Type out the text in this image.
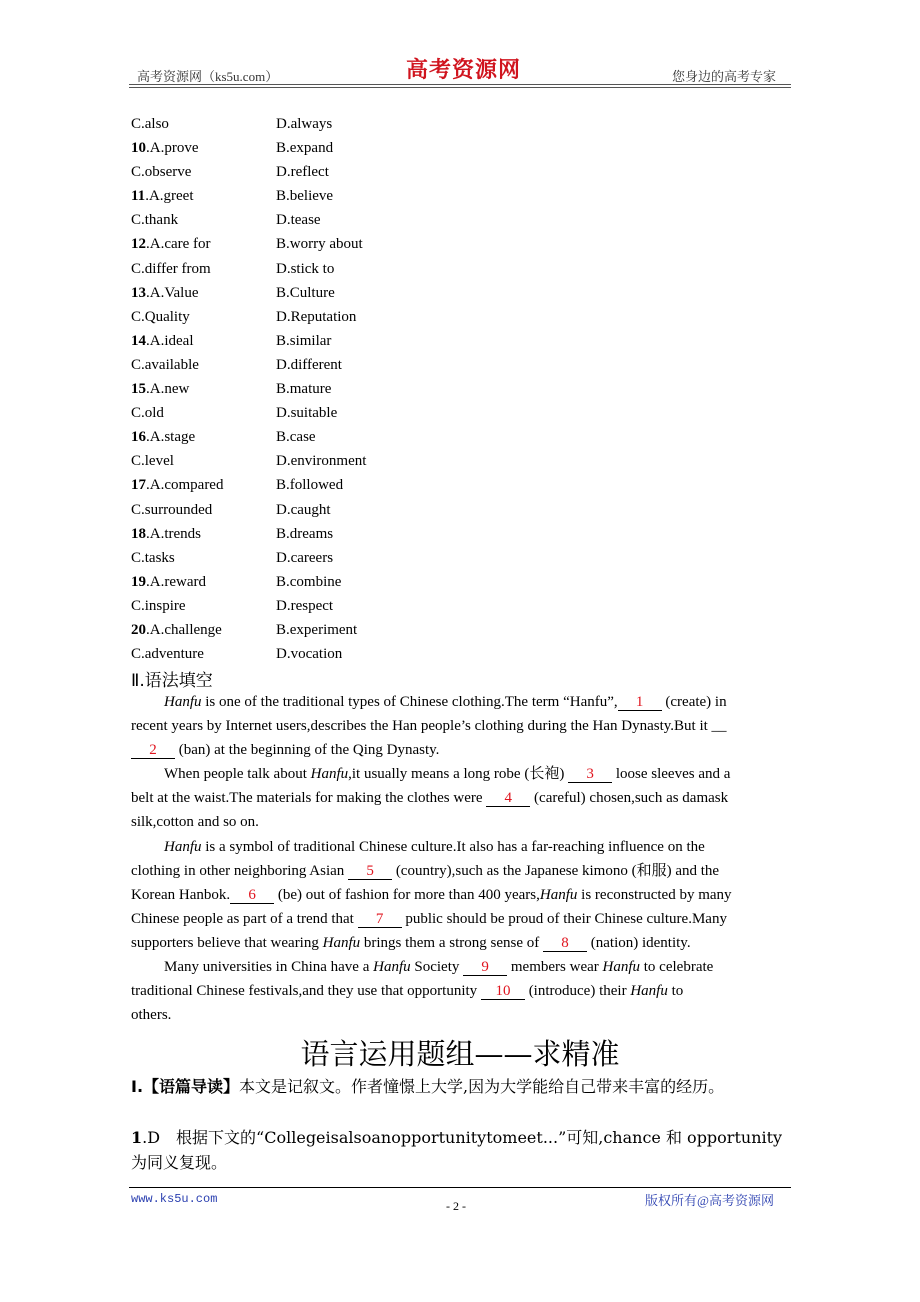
高考资源网（ks5u.com）	高考资源网	您身边的高考专家
C.also	D.always
10.A.prove	B.expand
C.observe	D.reflect
11.A.greet	B.believe
C.thank	D.tease
12.A.care for	B.worry about
C.differ from	D.stick to
13.A.Value	B.Culture
C.Quality	D.Reputation
14.A.ideal	B.similar
C.available	D.different
15.A.new	B.mature
C.old	D.suitable
16.A.stage	B.case
C.level	D.environment
17.A.compared	B.followed
C.surrounded	D.caught
18.A.trends	B.dreams
C.tasks	D.careers
19.A.reward	B.combine
C.inspire	D.respect
20.A.challenge	B.experiment
C.adventure	D.vocation
Ⅱ.语法填空
Hanfu is one of the traditional types of Chinese clothing.The term “Hanfu”, 1 (create) in
recent years by Internet users,describes the Han people’s clothing during the Han Dynasty.But it __
2 (ban) at the beginning of the Qing Dynasty.
When people talk about Hanfu,it usually means a long robe (长袍) 3 loose sleeves and a
belt at the waist.The materials for making the clothes were 4 (careful) chosen,such as damask
silk,cotton and so on.
Hanfu is a symbol of traditional Chinese culture.It also has a far-reaching influence on the
clothing in other neighboring Asian 5 (country),such as the Japanese kimono (和服) and the
Korean Hanbok. 6 (be) out of fashion for more than 400 years,Hanfu is reconstructed by many
Chinese people as part of a trend that 7 public should be proud of their Chinese culture.Many
supporters believe that wearing Hanfu brings them a strong sense of 8 (nation) identity.
Many universities in China have a Hanfu Society 9 members wear Hanfu to celebrate
traditional Chinese festivals,and they use that opportunity 10 (introduce) their Hanfu to
others.
语言运用题组——求精准
Ⅰ.【语篇导读】本文是记叙文。作者憧憬上大学,因为大学能给自己带来丰富的经历。
1.D　根据下文的“Collegeisalsoanopportunitytomeet...”可知,chance 和 opportunity 为同义复现。
www.ks5u.com	- 2 -	版权所有@高考资源网
